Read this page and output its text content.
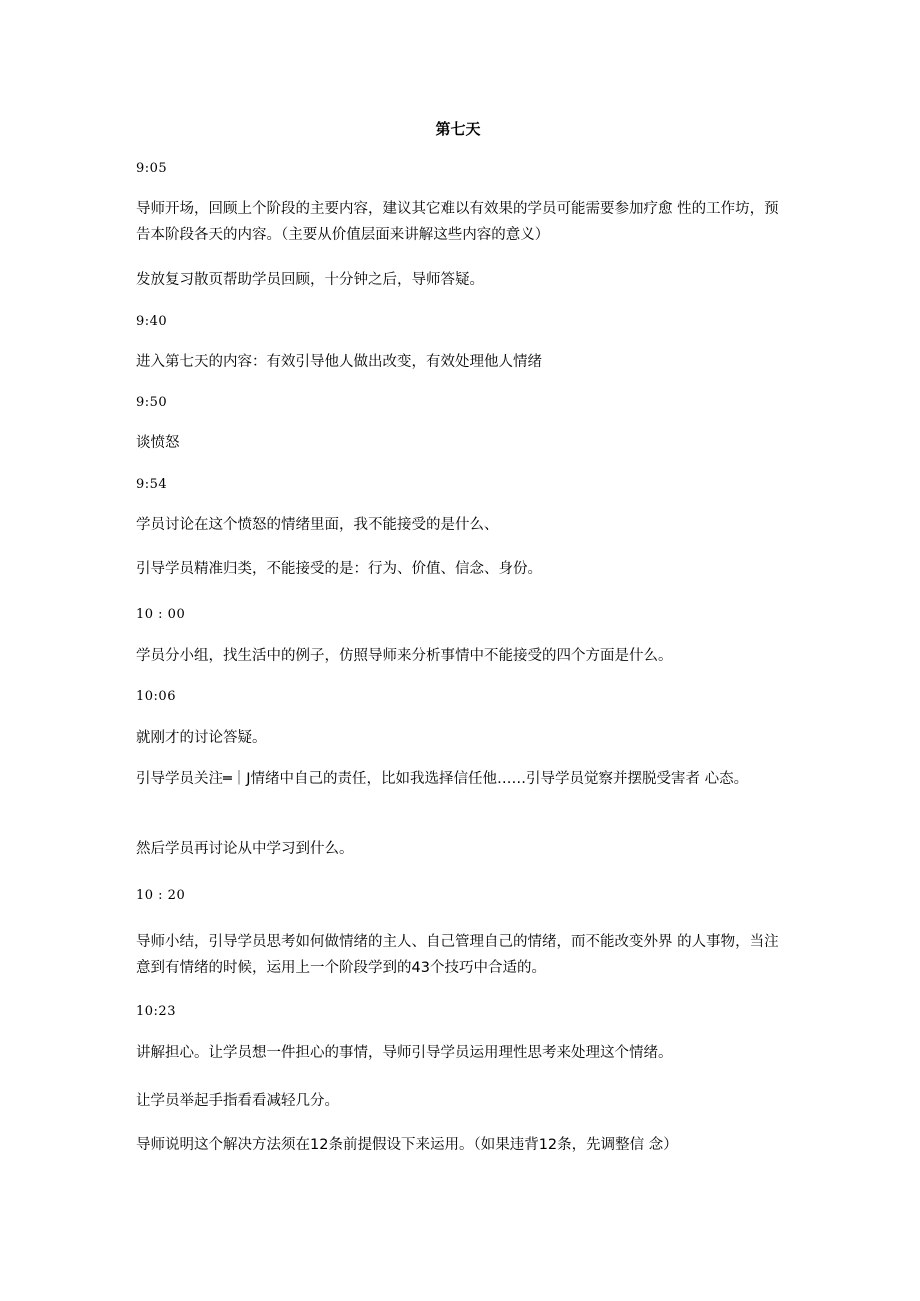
第七天

9:05

导师开场，回顾上个阶段的主要内容，建议其它难以有效果的学员可能需要参加疗愈 性的工作坊，预告本阶段各天的内容。（主要从价值层面来讲解这些内容的意义）

发放复习散页帮助学员回顾，十分钟之后，导师答疑。

9:40

进入第七天的内容：有效引导他人做出改变，有效处理他人情绪

9:50

谈愤怒

9:54

学员讨论在这个愤怒的情绪里面，我不能接受的是什么、

引导学员精准归类，不能接受的是：行为、价值、信念、身份。

10 : 00

学员分小组，找生活中的例子，仿照导师来分析事情中不能接受的四个方面是什么。

10:06

就刚才的讨论答疑。

引导学员关注═｜J情绪中自己的责任，比如我选择信任他……引导学员觉察并摆脱受害者 心态。

然后学员再讨论从中学习到什么。

10 : 20

导师小结，引导学员思考如何做情绪的主人、自己管理自己的情绪，而不能改变外界 的人事物，当注意到有情绪的时候，运用上一个阶段学到的43个技巧中合适的。

10:23

讲解担心。让学员想一件担心的事情，导师引导学员运用理性思考来处理这个情绪。

让学员举起手指看看减轻几分。

导师说明这个解决方法须在12条前提假设下来运用。（如果违背12条，先调整信 念）
